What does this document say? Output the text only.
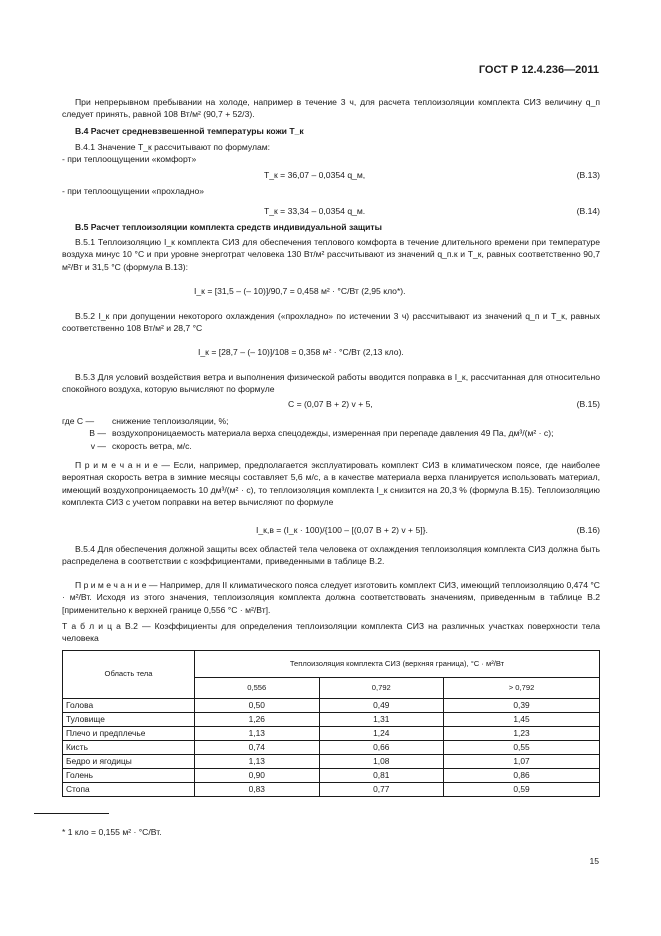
ГОСТ Р 12.4.236—2011
При непрерывном пребывании на холоде, например в течение 3 ч, для расчета теплоизоляции комплекта СИЗ величину q_п следует принять, равной 108 Вт/м² (90,7 + 52/3).
В.4 Расчет средневзвешенной температуры кожи T_к
В.4.1 Значение T_к рассчитывают по формулам:
- при теплоощущении «комфорт»
T_к = 36,07 – 0,0354 q_м,	(В.13)
- при теплоощущении «прохладно»
T_к = 33,34 – 0,0354 q_м.	(В.14)
В.5 Расчет теплоизоляции комплекта средств индивидуальной защиты
В.5.1 Теплоизоляцию I_к комплекта СИЗ для обеспечения теплового комфорта в течение длительного времени при температуре воздуха минус 10 °С и при уровне энерготрат человека 130 Вт/м² рассчитывают из значений q_п.к и T_к, равных соответственно 90,7 м²/Вт и 31,5 °С (формула В.13):
I_к = [31,5 – (– 10)]/90,7 = 0,458 м² · °С/Вт (2,95 кло*).
В.5.2 I_к при допущении некоторого охлаждения («прохладно» по истечении 3 ч) рассчитывают из значений q_п и T_к, равных соответственно 108 Вт/м² и 28,7 °С
I_к = [28,7 – (– 10)]/108 = 0,358 м² · °С/Вт (2,13 кло).
В.5.3 Для условий воздействия ветра и выполнения физической работы вводится поправка в I_к, рассчитанная для относительно спокойного воздуха, которую вычисляют по формуле
C = (0,07 В + 2) v + 5,	(В.15)
где C —	снижение теплоизоляции, %;
В — воздухопроницаемость материала верха спецодежды, измеренная при перепаде давления 49 Па, дм³/(м² · с);
v — скорость ветра, м/с.
П р и м е ч а н и е — Если, например, предполагается эксплуатировать комплект СИЗ в климатическом поясе, где наиболее вероятная скорость ветра в зимние месяцы составляет 5,6 м/с, а в качестве материала верха планируется использовать материал, имеющий воздухопроницаемость 10 дм³/(м² · с), то теплоизоляция комплекта I_к снизится на 20,3 % (формула В.15). Теплоизоляцию комплекта СИЗ с учетом поправки на ветер вычисляют по формуле
I_к,в = (I_к · 100)/{100 – [(0,07 В + 2) v + 5]}.	(В.16)
В.5.4 Для обеспечения должной защиты всех областей тела человека от охлаждения теплоизоляция комплекта СИЗ должна быть распределена в соответствии с коэффициентами, приведенными в таблице В.2.
П р и м е ч а н и е — Например, для II климатического пояса следует изготовить комплект СИЗ, имеющий теплоизоляцию 0,474 °С · м²/Вт. Исходя из этого значения, теплоизоляция комплекта должна соответствовать значениям, приведенным в таблице В.2 [применительно к верхней границе 0,556 °С · м²/Вт].
Т а б л и ц а В.2 — Коэффициенты для определения теплоизоляции комплекта СИЗ на различных участках поверхности тела человека
Область тела	Теплоизоляция комплекта СИЗ (верхняя граница), °С · м²/Вт		
	0,556	0,792	> 0,792
Голова	0,50	0,49	0,39
Туловище	1,26	1,31	1,45
Плечо и предплечье	1,13	1,24	1,23
Кисть	0,74	0,66	0,55
Бедро и ягодицы	1,13	1,08	1,07
Голень	0,90	0,81	0,86
Стопа	0,83	0,77	0,59
* 1 кло = 0,155 м² · °С/Вт.
15
